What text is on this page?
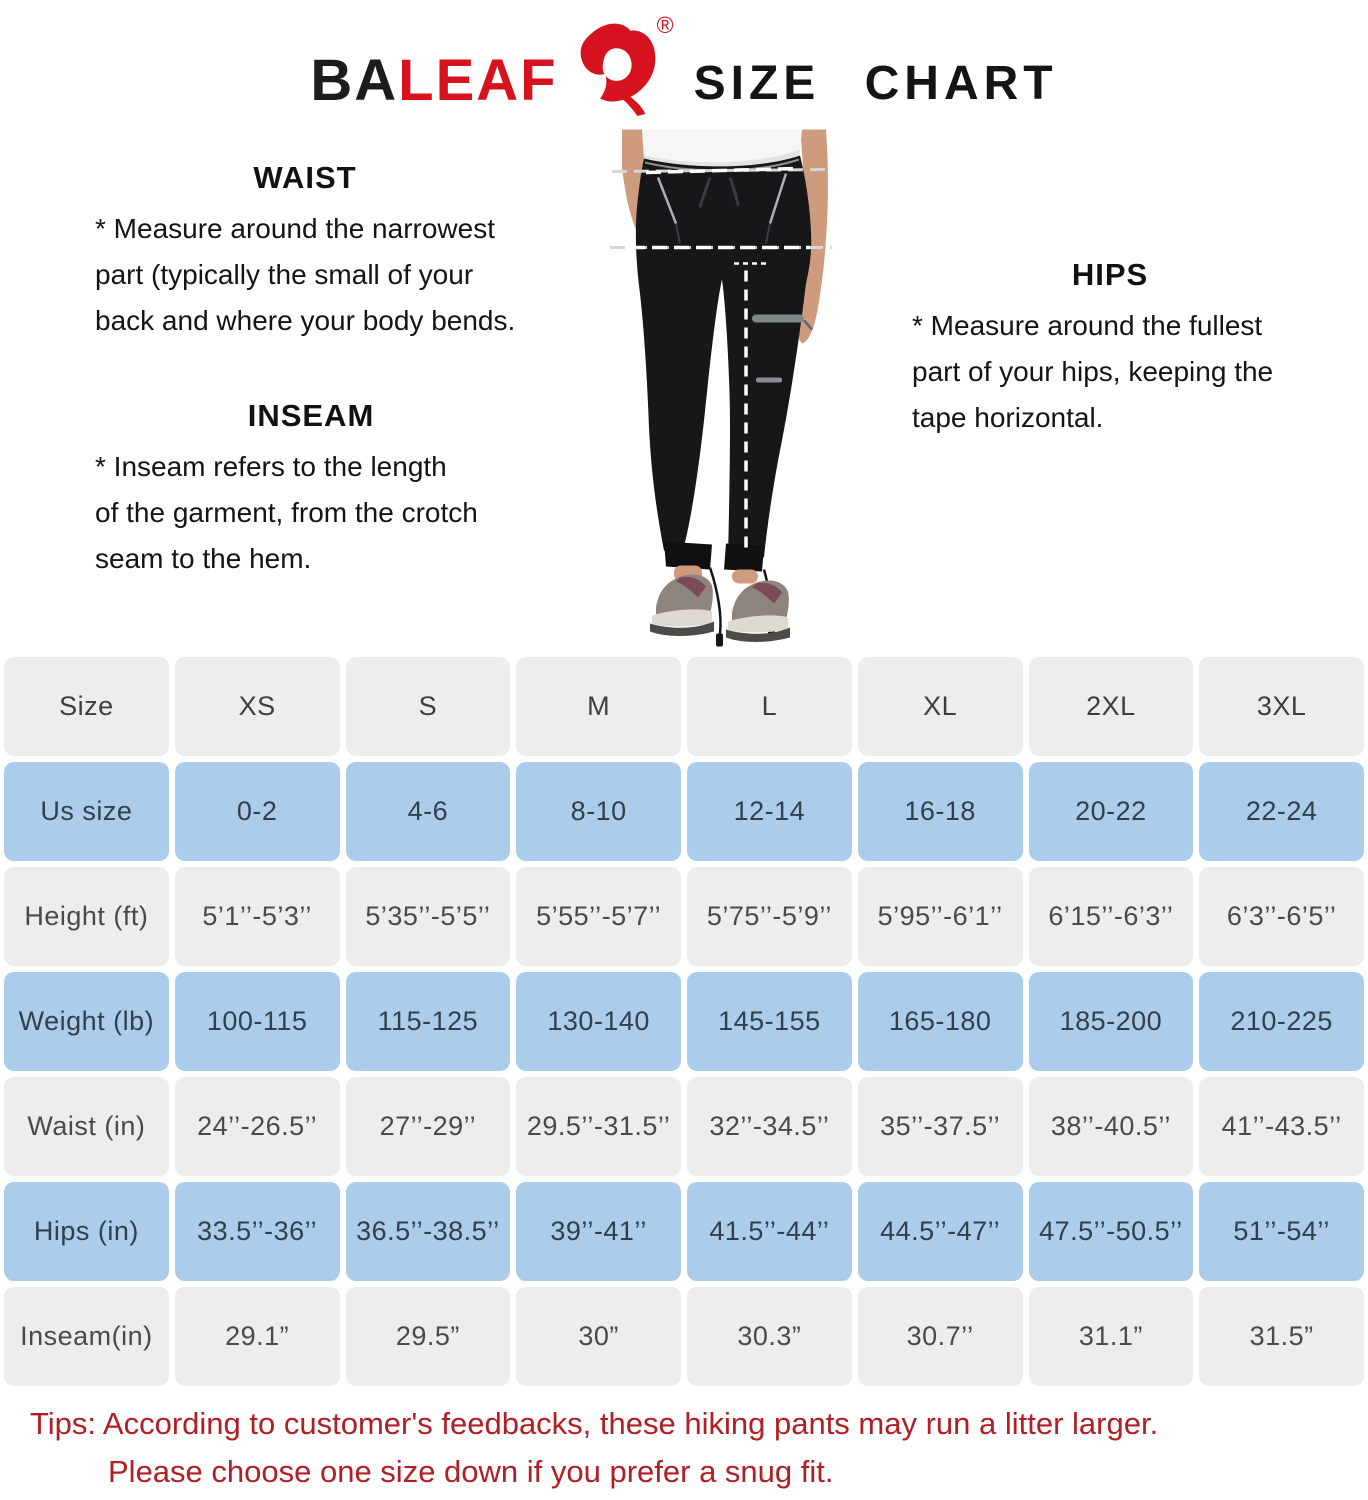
BALEAF
®
SIZE CHART
WAIST
* Measure around the narrowest
part (typically the small of your
back and where your body bends.
INSEAM
* Inseam refers to the length
of the garment, from the crotch
seam to the hem.
HIPS
* Measure around the fullest
part of your hips, keeping the
tape horizontal.
Size	XS	S	M	L	XL	2XL	3XL
Us size	0-2	4-6	8-10	12-14	16-18	20-22	22-24
Height (ft)	5’1’’-5’3’’	5’35’’-5’5’’	5’55’’-5’7’’	5’75’’-5’9’’	5’95’’-6’1’’	6’15’’-6’3’’	6’3’’-6’5’’
Weight (lb)	100-115	115-125	130-140	145-155	165-180	185-200	210-225
Waist (in)	24’’-26.5’’	27’’-29’’	29.5’’-31.5’’	32’’-34.5’’	35’’-37.5’’	38’’-40.5’’	41’’-43.5’’
Hips (in)	33.5’’-36’’	36.5’’-38.5’’	39’’-41’’	41.5’’-44’’	44.5’’-47’’	47.5’’-50.5’’	51’’-54’’
Inseam(in)	29.1”	29.5”	30”	30.3”	30.7’’	31.1”	31.5”
Tips: According to customer's feedbacks, these hiking pants may run a litter larger.
Please choose one size down if you prefer a snug fit.
